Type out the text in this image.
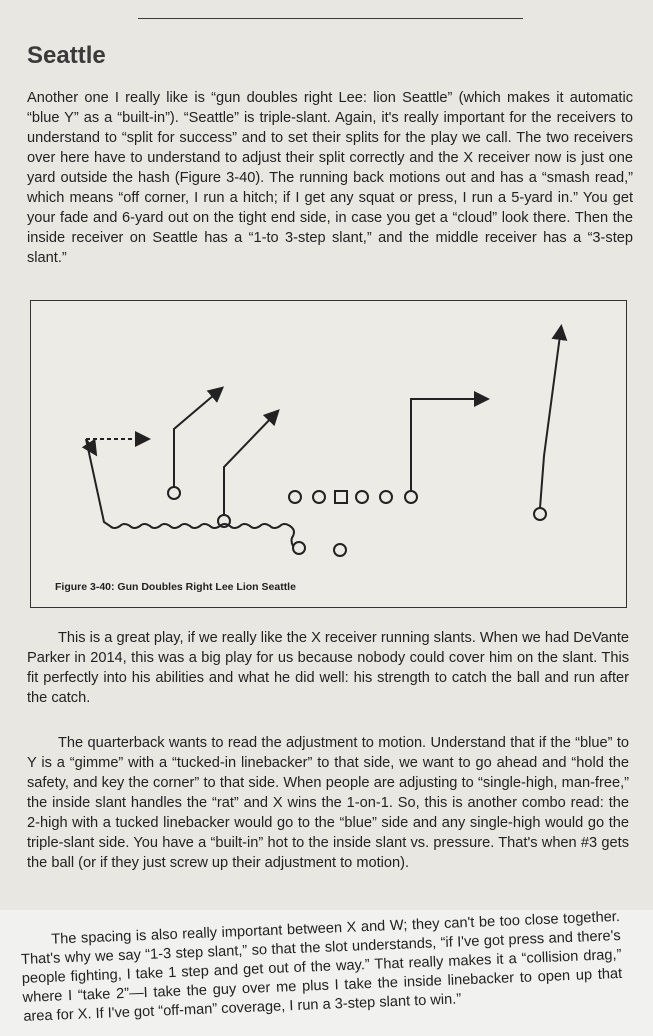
Seattle

Another one I really like is “gun doubles right Lee: lion Seattle” (which makes it automatic “blue Y” as a “built-in”). “Seattle” is triple-slant. Again, it's really important for the receivers to understand to “split for success” and to set their splits for the play we call. The two receivers over here have to understand to adjust their split correctly and the X receiver now is just one yard outside the hash (Figure 3-40). The running back motions out and has a “smash read,” which means “off corner, I run a hitch; if I get any squat or press, I run a 5-yard in.” You get your fade and 6-yard out on the tight end side, in case you get a “cloud” look there. Then the inside receiver on Seattle has a “1-to 3-step slant,” and the middle receiver has a “3-step slant.”

Figure 3-40: Gun Doubles Right Lee Lion Seattle

This is a great play, if we really like the X receiver running slants. When we had DeVante Parker in 2014, this was a big play for us because nobody could cover him on the slant. This fit perfectly into his abilities and what he did well: his strength to catch the ball and run after the catch.

The quarterback wants to read the adjustment to motion. Understand that if the “blue” to Y is a “gimme” with a “tucked-in linebacker” to that side, we want to go ahead and “hold the safety, and key the corner” to that side. When people are adjusting to “single-high, man-free,” the inside slant handles the “rat” and X wins the 1-on-1. So, this is another combo read: the 2-high with a tucked linebacker would go to the “blue” side and any single-high would go the triple-slant side. You have a “built-in” hot to the inside slant vs. pressure. That's when #3 gets the ball (or if they just screw up their adjustment to motion).

The spacing is also really important between X and W; they can't be too close together. That's why we say “1-3 step slant,” so that the slot understands, “if I've got press and there's people fighting, I take 1 step and get out of the way.” That really makes it a “collision drag,” where I “take 2”—I take the guy over me plus I take the inside linebacker to open up that area for X. If I've got “off-man” coverage, I run a 3-step slant to win.”
